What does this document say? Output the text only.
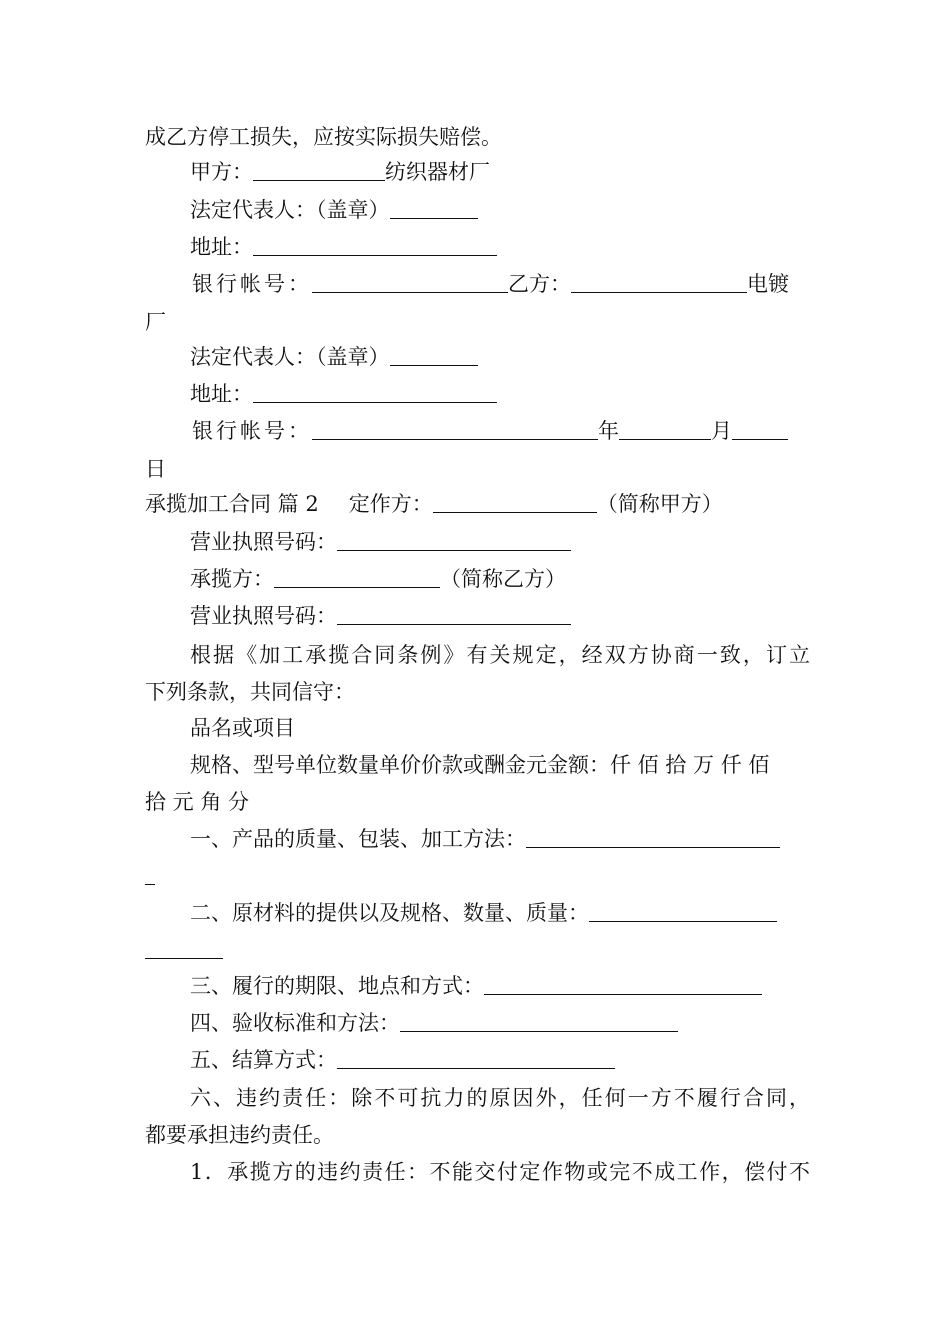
成乙方停工损失，应按实际损失赔偿。
甲方：	纺织器材厂
法定代表人：（盖章）
地址：
银行帐号：	乙方：	电镀
厂
法定代表人：（盖章）
地址：
银行帐号：	年	月
日
承揽加工合同 篇 2 定作方：	（简称甲方）
营业执照号码：
承揽方：	（简称乙方）
营业执照号码：
根据《加工承揽合同条例》有关规定，经双方协商一致，订立
下列条款，共同信守：
品名或项目
规格、型号单位数量单价价款或酬金元金额：仟 佰 拾 万 仟 佰
拾 元 角 分
一、产品的质量、包装、加工方法：
二、原材料的提供以及规格、数量、质量：
三、履行的期限、地点和方式：
四、验收标准和方法：
五、结算方式：
六、违约责任：除不可抗力的原因外，任何一方不履行合同，
都要承担违约责任。
1．承揽方的违约责任：不能交付定作物或完不成工作，偿付不
